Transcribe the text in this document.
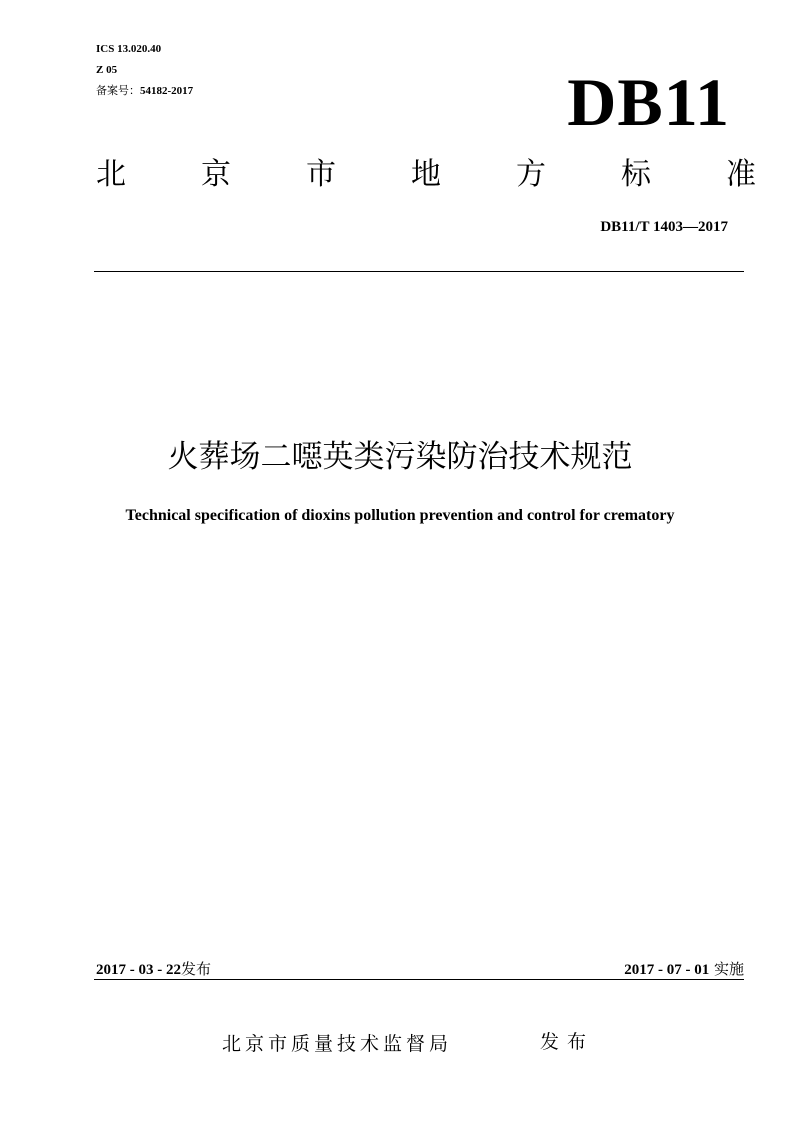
ICS 13.020.40
Z 05
备案号：54182-2017	DB11
北	京	市	地	方	标	准
DB11/T 1403—2017
火葬场二噁英类污染防治技术规范
Technical specification of dioxins pollution prevention and control for crematory
2017 - 03 - 22发布	2017 - 07 - 01 实施
北京市质量技术监督局	发布
